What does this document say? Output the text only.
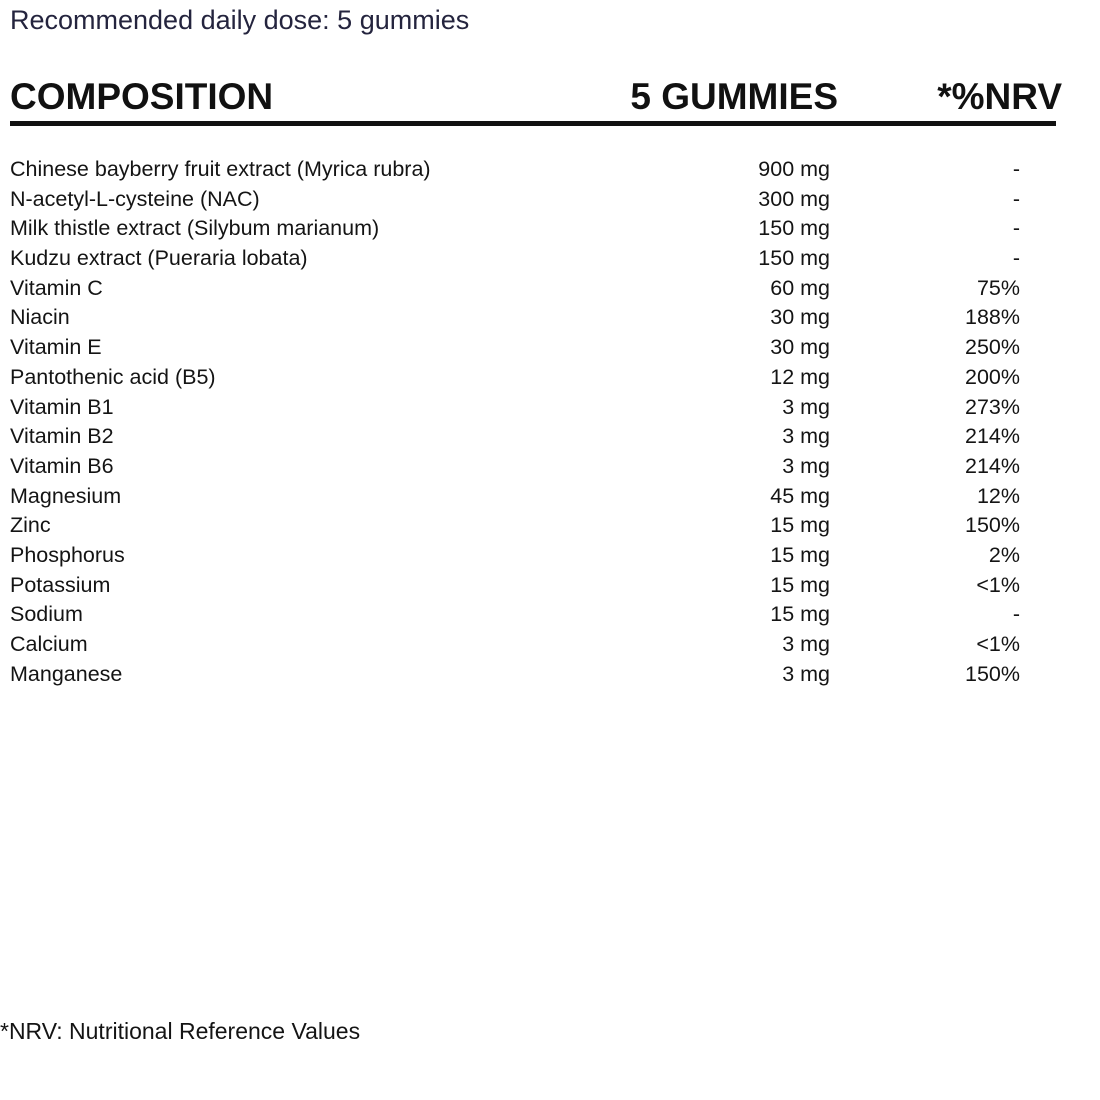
Recommended daily dose: 5 gummies
COMPOSITION	5 GUMMIES	*%NRV
Chinese bayberry fruit extract (Myrica rubra)	900 mg	-
N-acetyl-L-cysteine (NAC)	300 mg	-
Milk thistle extract (Silybum marianum)	150 mg	-
Kudzu extract (Pueraria lobata)	150 mg	-
Vitamin C	60 mg	75%
Niacin	30 mg	188%
Vitamin E	30 mg	250%
Pantothenic acid (B5)	12 mg	200%
Vitamin B1	3 mg	273%
Vitamin B2	3 mg	214%
Vitamin B6	3 mg	214%
Magnesium	45 mg	12%
Zinc	15 mg	150%
Phosphorus	15 mg	2%
Potassium	15 mg	<1%
Sodium	15 mg	-
Calcium	3 mg	<1%
Manganese	3 mg	150%
*NRV: Nutritional Reference Values
